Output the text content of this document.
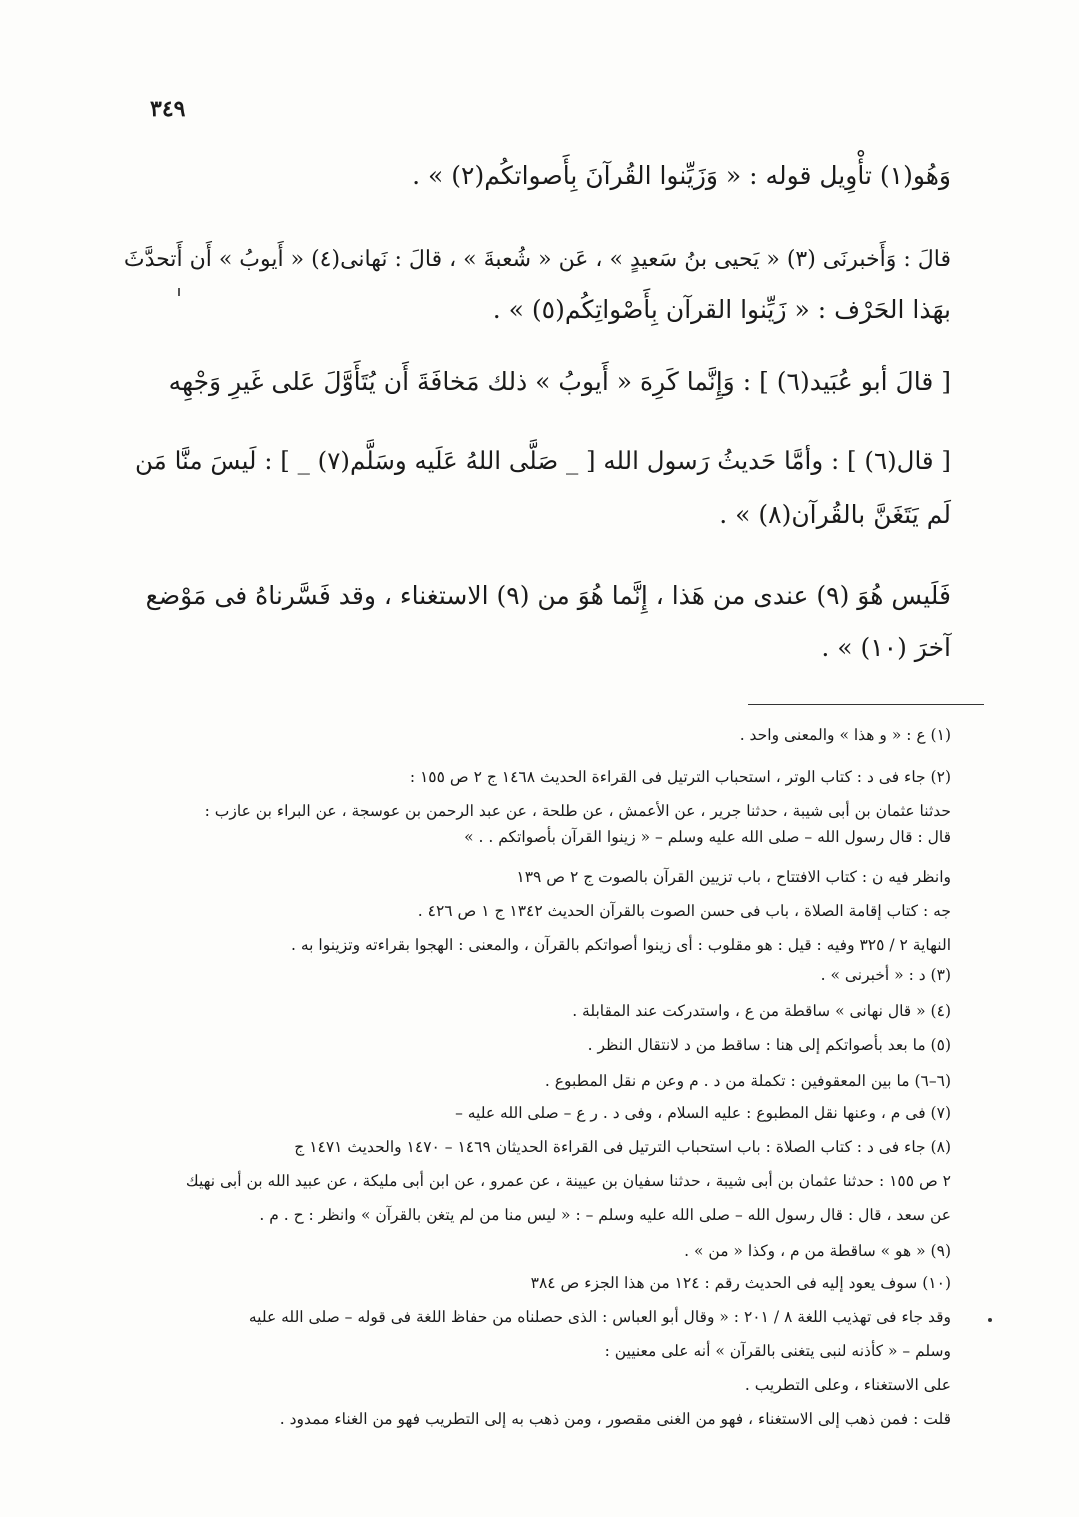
٣٤٩
وَهُو(١) تأْوِيل قوله : « وَزَيِّنوا القُرآنَ بِأَصواتكُم(٢) » .
قالَ : وَأَخبرنَى (٣) « يَحيى بنُ سَعيدٍ » ، عَن « شُعبةَ » ، قالَ : نَهانى(٤) « أَيوبُ » أَن أَتحدَّثَ
بهَذا الحَرْف : « زَيِّنوا القرآن بِأَصْواتِكُم(٥) » .
[ قالَ أبو عُبَيد(٦) ] : وَإِنَّما كَرِهَ « أَيوبُ » ذلك مَخافَةَ أَن يُتَأَوَّلَ عَلى غَيرِ وَجْهِه
[ قال(٦) ] : وأمَّا حَديثُ رَسول الله [ _ صَلَّى اللهُ عَلَيه وسَلَّم(٧) _ ] : لَيسَ منَّا مَن
لَم يَتَغَنَّ بالقُرآن(٨) » .
فَلَيس هُوَ (٩) عندى من هَذا ، إِنَّما هُوَ من (٩) الاستغناء ، وقد فَسَّرناهُ فى مَوْضع
آخرَ (١٠) » .
(١) ع : « و هذا » والمعنى واحد .
(٢) جاء فى د : كتاب الوتر ، استحباب الترتيل فى القراءة الحديث ١٤٦٨ ج ٢ ص ١٥٥ :
حدثنا عثمان بن أبى شيبة ، حدثنا جرير ، عن الأعمش ، عن طلحة ، عن عبد الرحمن بن عوسجة ، عن البراء بن عازب :
قال : قال رسول الله – صلى الله عليه وسلم – « زينوا القرآن بأصواتكم . . »
وانظر فيه ن : كتاب الافتتاح ، باب تزيين القرآن بالصوت ج ٢ ص ١٣٩
جه : كتاب إقامة الصلاة ، باب فى حسن الصوت بالقرآن الحديث ١٣٤٢ ج ١ ص ٤٢٦ .
النهاية ٢ / ٣٢٥ وفيه : قيل : هو مقلوب : أى زينوا أصواتكم بالقرآن ، والمعنى : الهجوا بقراءته وتزينوا به .
(٣) د : « أخبرنى » .
(٤) « قال نهانى » ساقطة من ع ، واستدركت عند المقابلة .
(٥) ما بعد بأصواتكم إلى هنا : ساقط من د لانتقال النظر .
(٦–٦) ما بين المعقوفين : تكملة من د . م وعن م نقل المطبوع .
(٧) فى م ، وعنها نقل المطبوع : عليه السلام ، وفى د . ر ع – صلى الله عليه –
(٨) جاء فى د : كتاب الصلاة : باب استحباب الترتيل فى القراءة الحديثان ١٤٦٩ – ١٤٧٠ والحديث ١٤٧١ ج
٢ ص ١٥٥ : حدثنا عثمان بن أبى شيبة ، حدثنا سفيان بن عيينة ، عن عمرو ، عن ابن أبى مليكة ، عن عبيد الله بن أبى نهيك
عن سعد ، قال : قال رسول الله – صلى الله عليه وسلم – : « ليس منا من لم يتغن بالقرآن » وانظر : ح . م .
(٩) « هو » ساقطة من م ، وكذا « من » .
(١٠) سوف يعود إليه فى الحديث رقم : ١٢٤ من هذا الجزء ص ٣٨٤
وقد جاء فى تهذيب اللغة ٨ / ٢٠١ : « وقال أبو العباس : الذى حصلناه من حفاظ اللغة فى قوله – صلى الله عليه
وسلم – « كأذنه لنبى يتغنى بالقرآن » أنه على معنيين :
على الاستغناء ، وعلى التطريب .
قلت : فمن ذهب إلى الاستغناء ، فهو من الغنى مقصور ، ومن ذهب به إلى التطريب فهو من الغناء ممدود .
